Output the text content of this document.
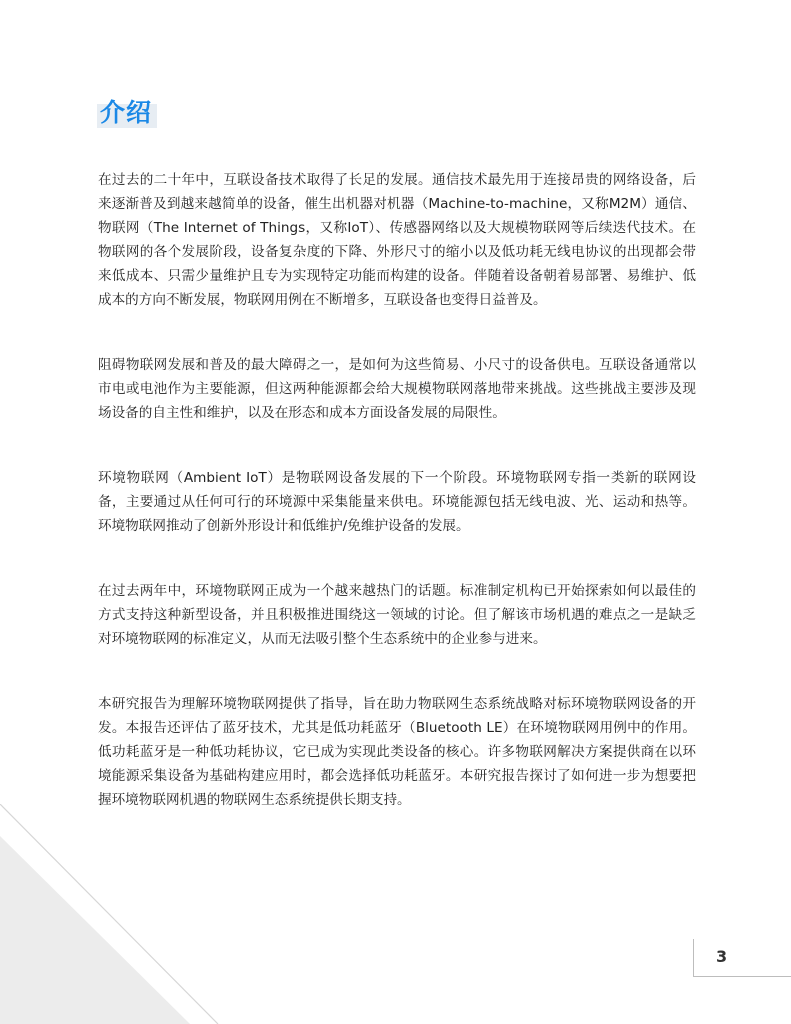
介绍

在过去的二十年中，互联设备技术取得了长足的发展。通信技术最先用于连接昂贵的网络设备，后来逐渐普及到越来越简单的设备，催生出机器对机器（Machine-to-machine，又称M2M）通信、物联网（The Internet of Things，又称IoT）、传感器网络以及大规模物联网等后续迭代技术。在物联网的各个发展阶段，设备复杂度的下降、外形尺寸的缩小以及低功耗无线电协议的出现都会带来低成本、只需少量维护且专为实现特定功能而构建的设备。伴随着设备朝着易部署、易维护、低成本的方向不断发展，物联网用例在不断增多，互联设备也变得日益普及。

阻碍物联网发展和普及的最大障碍之一，是如何为这些简易、小尺寸的设备供电。互联设备通常以市电或电池作为主要能源，但这两种能源都会给大规模物联网落地带来挑战。这些挑战主要涉及现场设备的自主性和维护，以及在形态和成本方面设备发展的局限性。

环境物联网（Ambient IoT）是物联网设备发展的下一个阶段。环境物联网专指一类新的联网设备，主要通过从任何可行的环境源中采集能量来供电。环境能源包括无线电波、光、运动和热等。环境物联网推动了创新外形设计和低维护/免维护设备的发展。

在过去两年中，环境物联网正成为一个越来越热门的话题。标准制定机构已开始探索如何以最佳的方式支持这种新型设备，并且积极推进围绕这一领域的讨论。但了解该市场机遇的难点之一是缺乏对环境物联网的标准定义，从而无法吸引整个生态系统中的企业参与进来。

本研究报告为理解环境物联网提供了指导，旨在助力物联网生态系统战略对标环境物联网设备的开发。本报告还评估了蓝牙技术，尤其是低功耗蓝牙（Bluetooth LE）在环境物联网用例中的作用。低功耗蓝牙是一种低功耗协议，它已成为实现此类设备的核心。许多物联网解决方案提供商在以环境能源采集设备为基础构建应用时，都会选择低功耗蓝牙。本研究报告探讨了如何进一步为想要把握环境物联网机遇的物联网生态系统提供长期支持。

3
